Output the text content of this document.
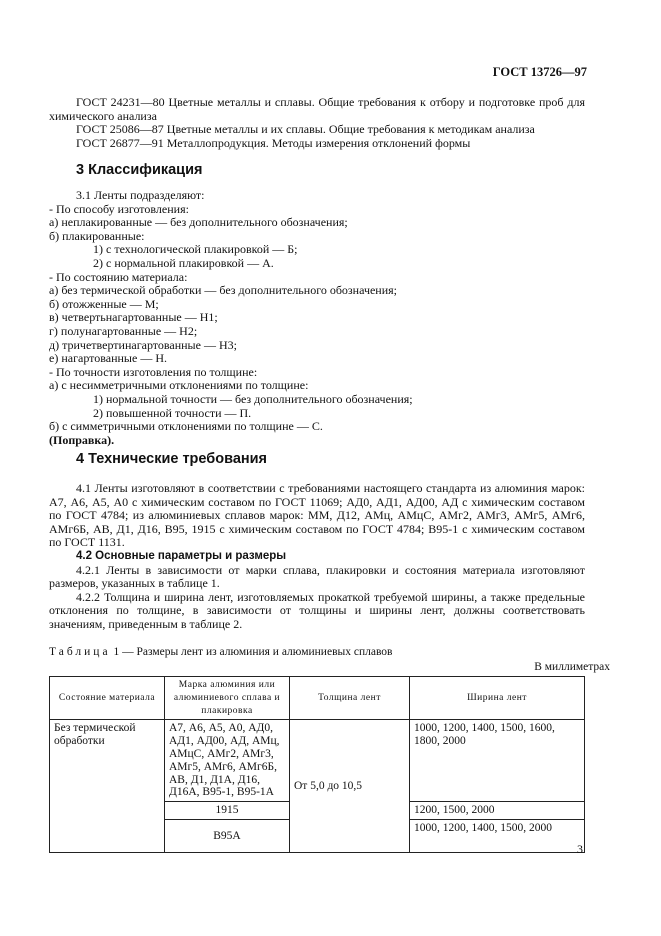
ГОСТ 13726—97

ГОСТ 24231—80 Цветные металлы и сплавы. Общие требования к отбору и подготовке проб для химического анализа

ГОСТ 25086—87 Цветные металлы и их сплавы. Общие требования к методикам анализа

ГОСТ 26877—91 Металлопродукция. Методы измерения отклонений формы

3 Классификация
3.1 Ленты подразделяют:
- По способу изготовления:
а) неплакированные — без дополнительного обозначения;
б) плакированные:
1) с технологической плакировкой — Б;
2) с нормальной плакировкой — А.
- По состоянию материала:
а) без термической обработки — без дополнительного обозначения;
б) отожженные — М;
в) четвертьнагартованные — Н1;
г) полунагартованные — Н2;
д) тричетвертинагартованные — Н3;
е) нагартованные — Н.
- По точности изготовления по толщине:
а) с несимметричными отклонениями по толщине:
1) нормальной точности — без дополнительного обозначения;
2) повышенной точности — П.
б) с симметричными отклонениями по толщине — С.
(Поправка).
4 Технические требования

4.1 Ленты изготовляют в соответствии с требованиями настоящего стандарта из алюминия марок: А7, А6, А5, А0 с химическим составом по ГОСТ 11069; АД0, АД1, АД00, АД с химическим составом по ГОСТ 4784; из алюминиевых сплавов марок: ММ, Д12, АМц, АМцС, АМг2, АМг3, АМг5, АМг6, АМг6Б, АВ, Д1, Д16, В95, 1915 с химическим составом по ГОСТ 4784; В95-1 с химическим составом по ГОСТ 1131.

4.2 Основные параметры и размеры

4.2.1 Ленты в зависимости от марки сплава, плакировки и состояния материала изготовляют размеров, указанных в таблице 1.

4.2.2 Толщина и ширина лент, изготовляемых прокаткой требуемой ширины, а также предельные отклонения по толщине, в зависимости от толщины и ширины лент, должны соответствовать значениям, приведенным в таблице 2.

Таблица 1 — Размеры лент из алюминия и алюминиевых сплавов
В миллиметрах
Состояние материала	Марка алюминия или алюминиевого сплава и плакировка	Толщина лент	Ширина лент
Без термической обработки	А7, А6, А5, А0, АД0, АД1, АД00, АД, АМц, АМцС, АМг2, АМг3, АМг5, АМг6, АМг6Б, АВ, Д1, Д1А, Д16, Д16А, В95-1, В95-1А	От 5,0 до 10,5	1000, 1200, 1400, 1500, 1600, 1800, 2000
	1915		1200, 1500, 2000
	В95А		1000, 1200, 1400, 1500, 2000
3
